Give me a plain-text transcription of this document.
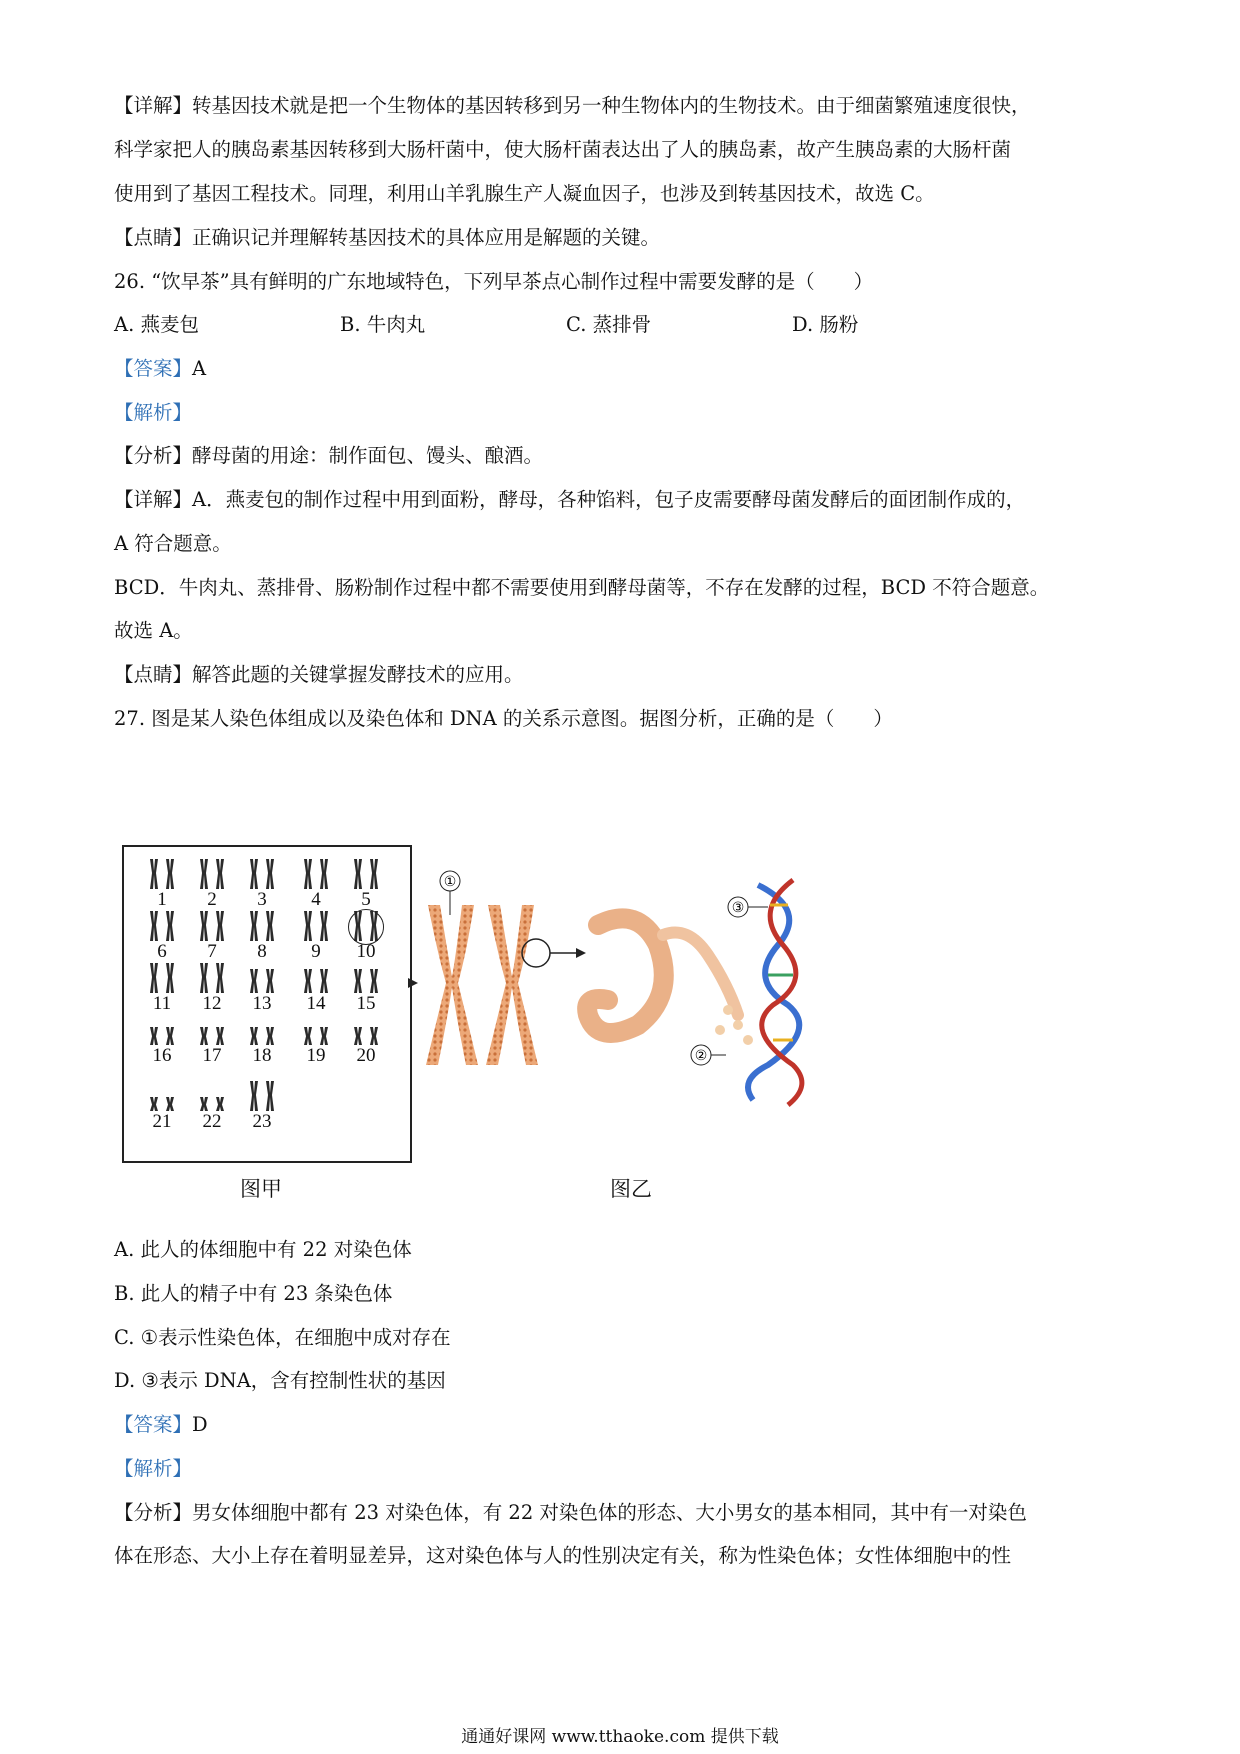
【详解】转基因技术就是把一个生物体的基因转移到另一种生物体内的生物技术。由于细菌繁殖速度很快，
科学家把人的胰岛素基因转移到大肠杆菌中，使大肠杆菌表达出了人的胰岛素，故产生胰岛素的大肠杆菌
使用到了基因工程技术。同理，利用山羊乳腺生产人凝血因子，也涉及到转基因技术，故选 C。
【点睛】正确识记并理解转基因技术的具体应用是解题的关键。
26. “饮早茶”具有鲜明的广东地域特色，下列早茶点心制作过程中需要发酵的是（　　）
A. 燕麦包	B. 牛肉丸	C. 蒸排骨	D. 肠粉
【答案】A
【解析】
【分析】酵母菌的用途：制作面包、馒头、酿酒。
【详解】A．燕麦包的制作过程中用到面粉，酵母，各种馅料，包子皮需要酵母菌发酵后的面团制作成的，
A 符合题意。
BCD．牛肉丸、蒸排骨、肠粉制作过程中都不需要使用到酵母菌等，不存在发酵的过程，BCD 不符合题意。
故选 A。
【点睛】解答此题的关键掌握发酵技术的应用。
27. 图是某人染色体组成以及染色体和 DNA 的关系示意图。据图分析，正确的是（　　）
1	2	3	4	5
6	7	8	9	10
11	12	13	14	15
16	17	18	19	20
21	22	23
①
②
③
图甲	图乙
A. 此人的体细胞中有 22 对染色体
B. 此人的精子中有 23 条染色体
C. ①表示性染色体，在细胞中成对存在
D. ③表示 DNA，含有控制性状的基因
【答案】D
【解析】
【分析】男女体细胞中都有 23 对染色体，有 22 对染色体的形态、大小男女的基本相同，其中有一对染色
体在形态、大小上存在着明显差异，这对染色体与人的性别决定有关，称为性染色体；女性体细胞中的性
通通好课网 www.tthaoke.com 提供下载
